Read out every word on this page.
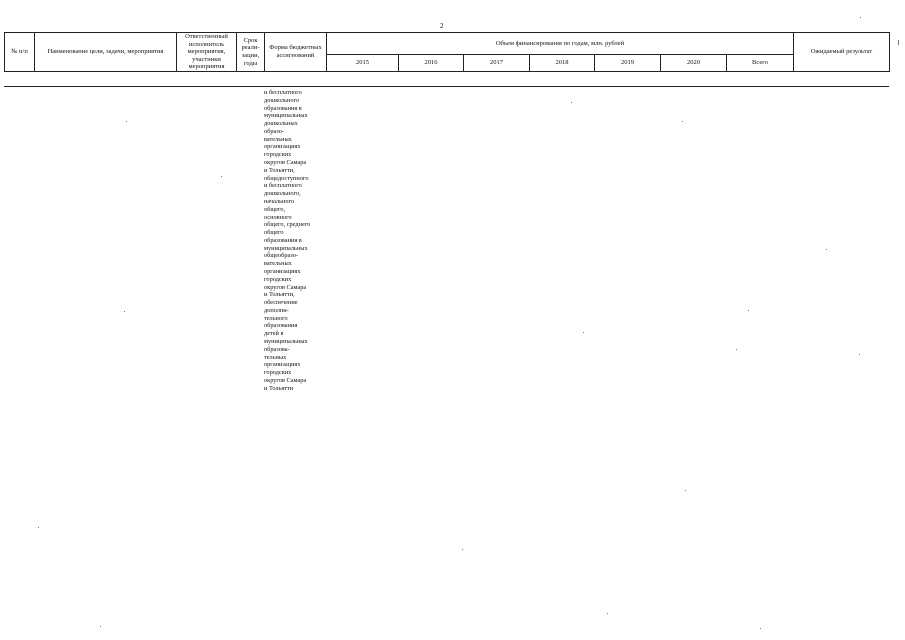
2
№ п/п	Наименование цели, задачи, мероприятия	Ответственный исполнитель мероприятия, участники мероприятия	Срок реали-зации, годы	Форма бюджетных ассигнований	Объем финансирования по годам, млн. рублей							Ожидаемый результат
					2015	2016	2017	2018	2019	2020	Всего	
и бесплатного
дошкольного
образования в
муниципальных
дошкольных
образо-
вательных
организациях
городских
округов Самара
и Тольятти,
общедоступного
и бесплатного
дошкольного,
начального
общего,
основного
общего, среднего
общего
образования в
муниципальных
общеобразо-
вательных
организациях
городских
округов Самара
и Тольятти,
обеспечение
дополни-
тельного
образования
детей в
муниципальных
образова-
тельных
организациях
городских
округов Самара
и Тольятти
